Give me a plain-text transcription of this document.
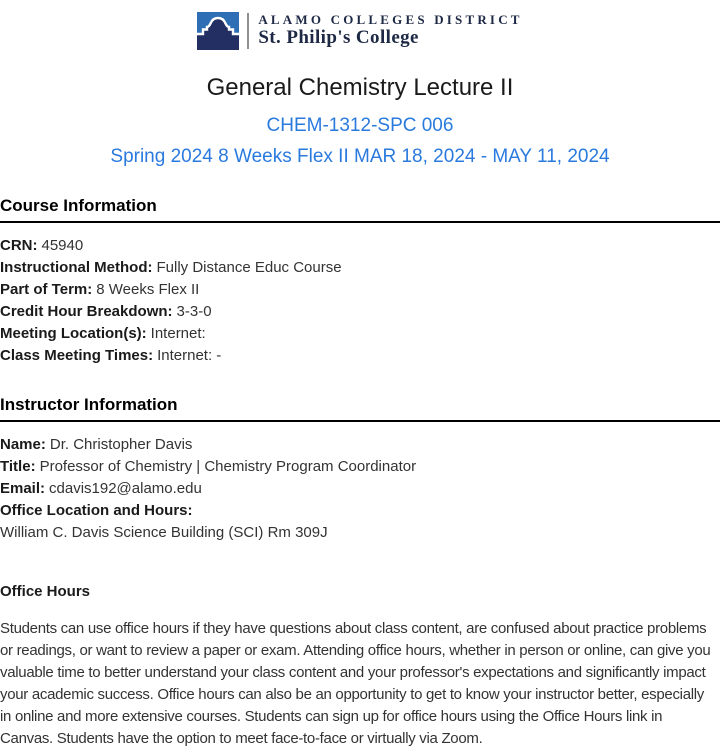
ALAMO COLLEGES DISTRICT
St. Philip's College
General Chemistry Lecture II
CHEM-1312-SPC 006
Spring 2024 8 Weeks Flex II MAR 18, 2024 - MAY 11, 2024
Course Information
CRN: 45940
Instructional Method: Fully Distance Educ Course
Part of Term: 8 Weeks Flex II
Credit Hour Breakdown: 3-3-0
Meeting Location(s): Internet:
Class Meeting Times: Internet: -
Instructor Information
Name: Dr. Christopher Davis
Title: Professor of Chemistry | Chemistry Program Coordinator
Email: cdavis192@alamo.edu
Office Location and Hours:
William C. Davis Science Building (SCI) Rm 309J
Office Hours

Students can use office hours if they have questions about class content, are confused about practice problems or readings, or want to review a paper or exam. Attending office hours, whether in person or online, can give you valuable time to better understand your class content and your professor's expectations and significantly impact your academic success. Office hours can also be an opportunity to get to know your instructor better, especially in online and more extensive courses. Students can sign up for office hours using the Office Hours link in Canvas. Students have the option to meet face-to-face or virtually via Zoom.
